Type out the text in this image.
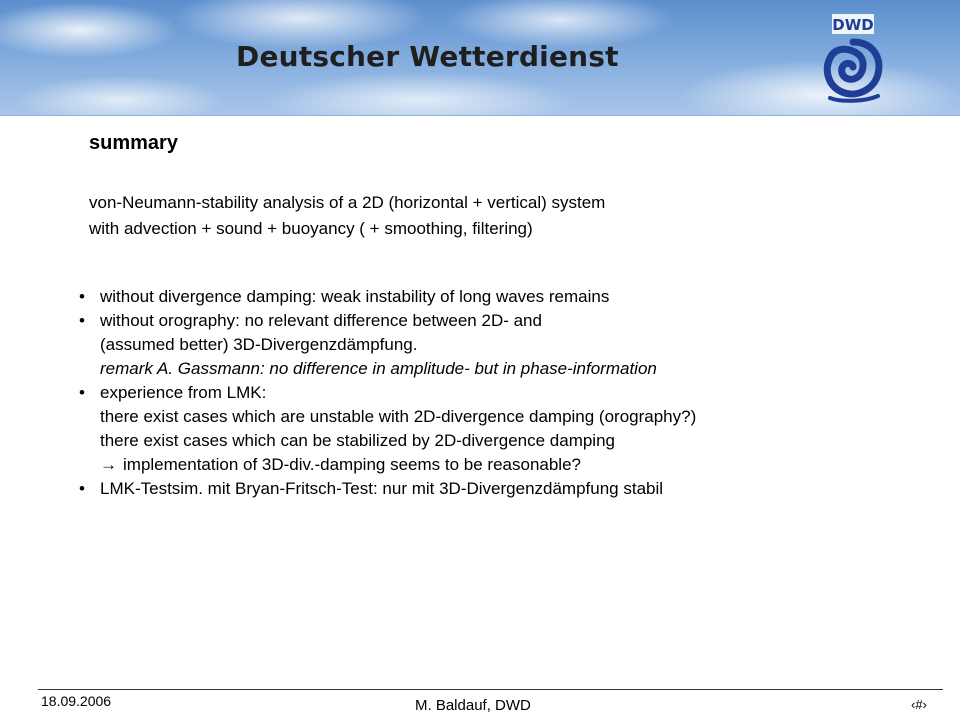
Deutscher Wetterdienst
DWD
summary
von-Neumann-stability analysis of a 2D (horizontal + vertical) system
with advection + sound + buoyancy ( + smoothing, filtering)
• without divergence damping: weak instability of long waves remains
• without orography: no relevant difference between 2D- and
(assumed better) 3D-Divergenzdämpfung.
remark A. Gassmann: no difference in amplitude- but in phase-information
• experience from LMK:
there exist cases which are unstable with 2D-divergence damping (orography?)
there exist cases which can be stabilized by 2D-divergence damping
→ implementation of 3D-div.-damping seems to be reasonable?
• LMK-Testsim. mit Bryan-Fritsch-Test: nur mit 3D-Divergenzdämpfung stabil
18.09.2006	M. Baldauf, DWD	‹#›
